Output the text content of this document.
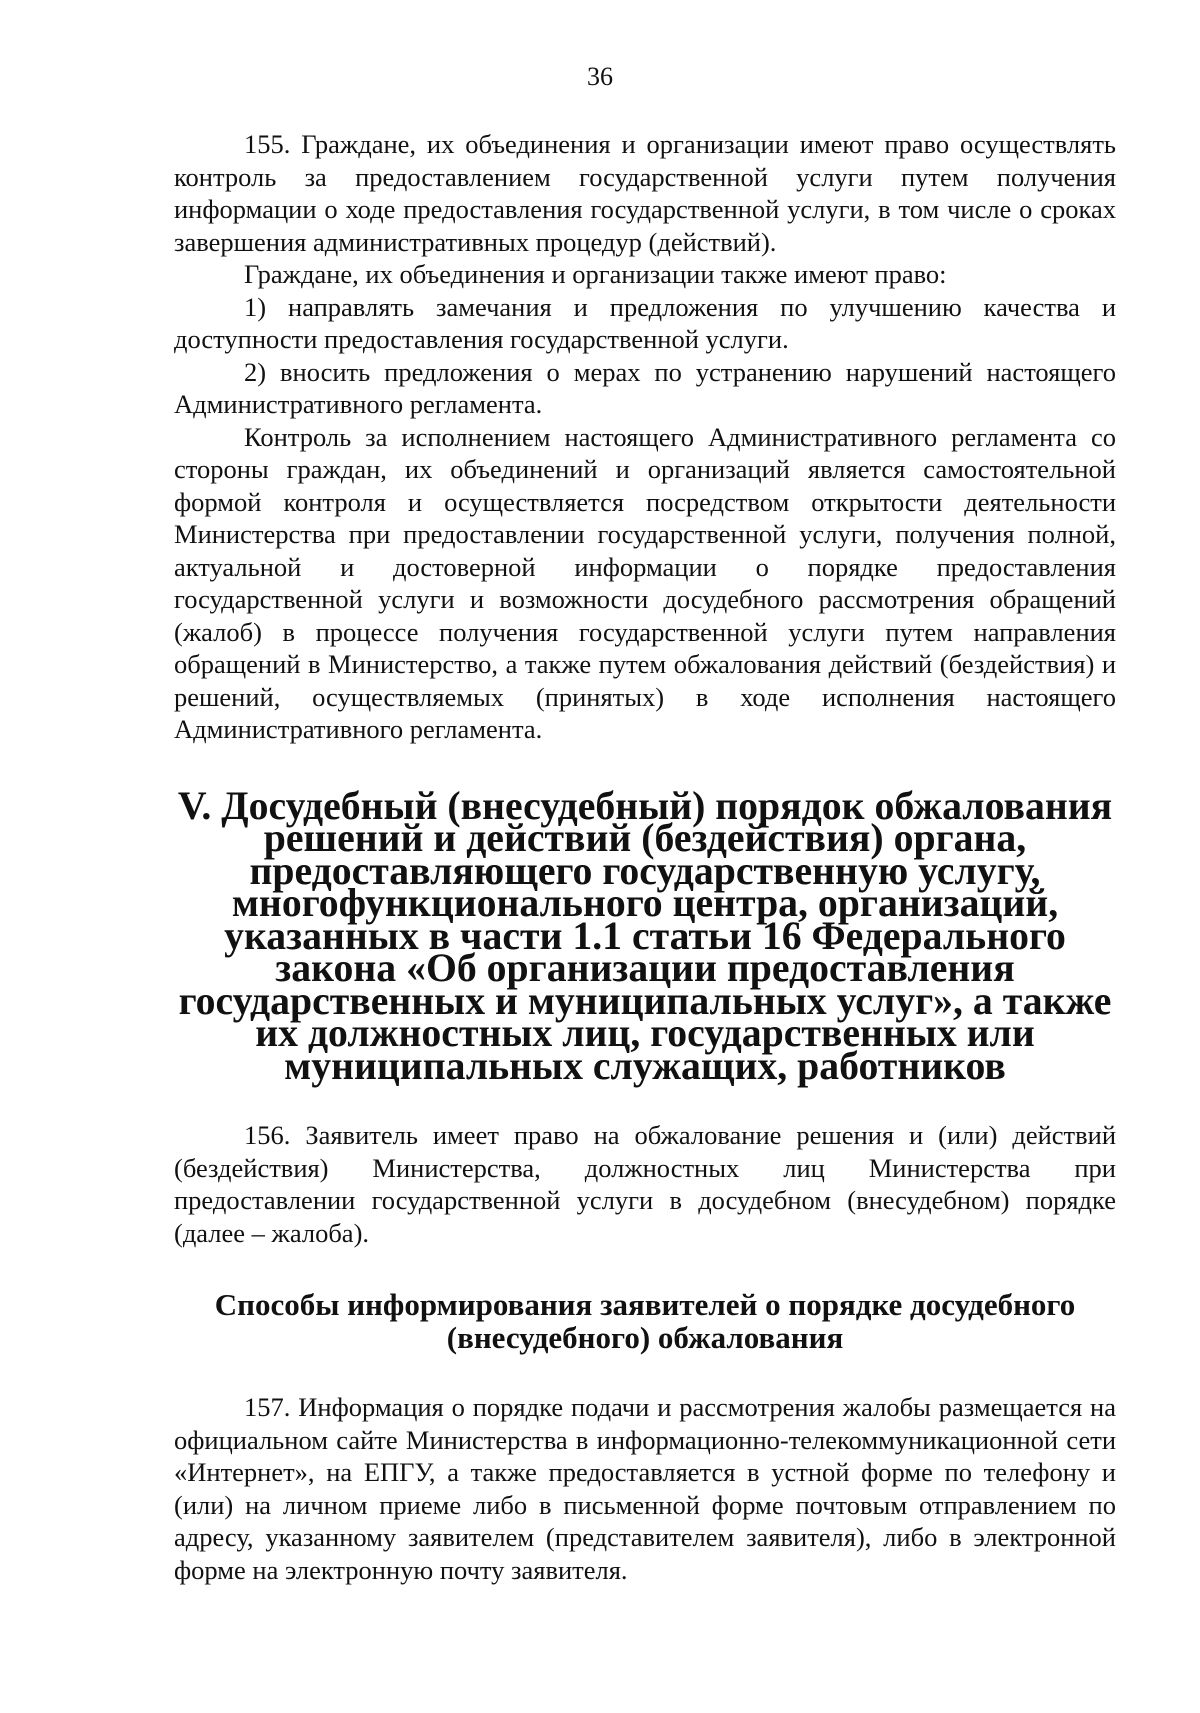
36

155. Граждане, их объединения и организации имеют право осуществлять контроль за предоставлением государственной услуги путем получения информации о ходе предоставления государственной услуги, в том числе о сроках завершения административных процедур (действий).

Граждане, их объединения и организации также имеют право:

1) направлять замечания и предложения по улучшению качества и доступности предоставления государственной услуги.

2) вносить предложения о мерах по устранению нарушений настоящего Административного регламента.

Контроль за исполнением настоящего Административного регламента со стороны граждан, их объединений и организаций является самостоятельной формой контроля и осуществляется посредством открытости деятельности Министерства при предоставлении государственной услуги, получения полной, актуальной и достоверной информации о порядке предоставления государственной услуги и возможности досудебного рассмотрения обращений (жалоб) в процессе получения государственной услуги путем направления обращений в Министерство, а также путем обжалования действий (бездействия) и решений, осуществляемых (принятых) в ходе исполнения настоящего Административного регламента.

V. Досудебный (внесудебный) порядок обжалования решений и действий (бездействия) органа, предоставляющего государственную услугу, многофункционального центра, организаций, указанных в части 1.1 статьи 16 Федерального закона «Об организации предоставления государственных и муниципальных услуг», а также их должностных лиц, государственных или муниципальных служащих, работников

156. Заявитель имеет право на обжалование решения и (или) действий (бездействия) Министерства, должностных лиц Министерства при предоставлении государственной услуги в досудебном (внесудебном) порядке (далее – жалоба).

Способы информирования заявителей о порядке досудебного (внесудебного) обжалования

157. Информация о порядке подачи и рассмотрения жалобы размещается на официальном сайте Министерства в информационно-телекоммуникационной сети «Интернет», на ЕПГУ, а также предоставляется в устной форме по телефону и (или) на личном приеме либо в письменной форме почтовым отправлением по адресу, указанному заявителем (представителем заявителя), либо в электронной форме на электронную почту заявителя.
